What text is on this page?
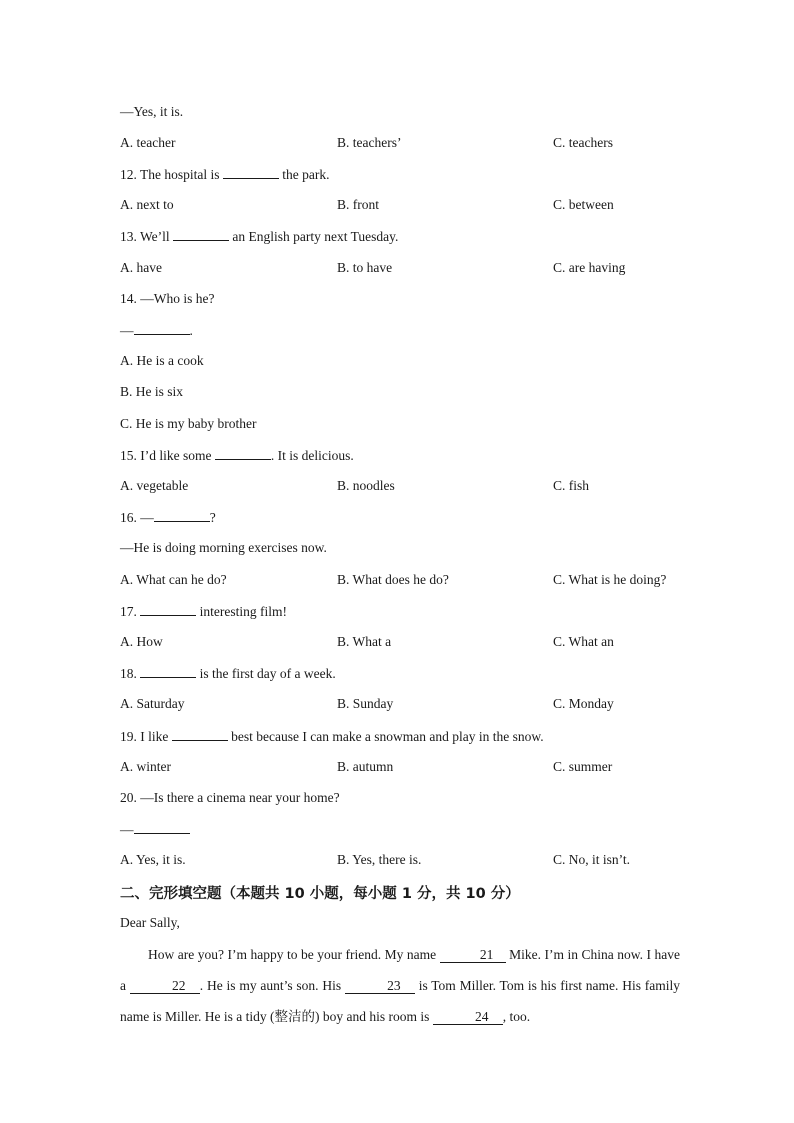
—Yes, it is.
A. teacher	B. teachers’	C. teachers
12. The hospital is	the park.
A. next to	B. front	C. between
13. We’ll	an English party next Tuesday.
A. have	B. to have	C. are having
14. —Who is he?
—	.
A. He is a cook
B. He is six
C. He is my baby brother
15. I’d like some	. It is delicious.
A. vegetable	B. noodles	C. fish
16. —	?
—He is doing morning exercises now.
A. What can he do?	B. What does he do?	C. What is he doing?
17.	interesting film!
A. How	B. What a	C. What an
18.	is the first day of a week.
A. Saturday	B. Sunday	C. Monday
19. I like	best because I can make a snowman and play in the snow.
A. winter	B. autumn	C. summer
20. —Is there a cinema near your home?
—
A. Yes, it is.	B. Yes, there is.	C. No, it isn’t.
二、完形填空题（本题共 10 小题，每小题 1 分，共 10 分）
Dear Sally,
How are you? I’m happy to be your friend. My name	21 Mike. I’m in China now. I have a	22 . He is my aunt’s son. His	23 is Tom Miller. Tom is his first name. His family name is Miller. He is a tidy (整洁的) boy and his room is	24 , too.
